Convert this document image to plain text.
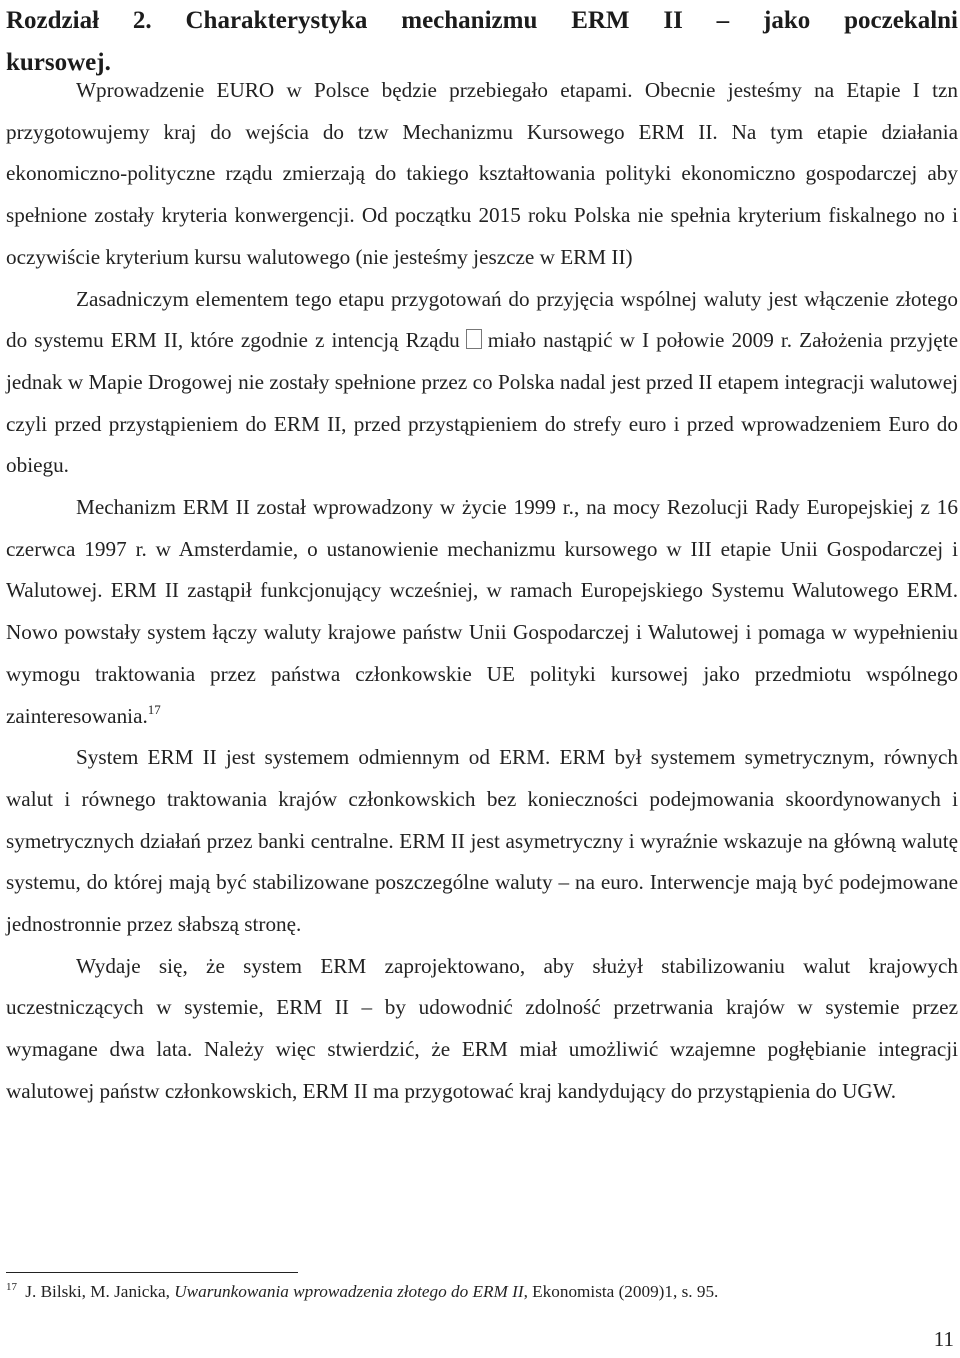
Rozdział 2. Charakterystyka mechanizmu ERM II – jako poczekalni
kursowej.

Wprowadzenie EURO w Polsce będzie przebiegało etapami. Obecnie jesteśmy na Etapie I tzn przygotowujemy kraj do wejścia do tzw Mechanizmu Kursowego ERM II. Na tym etapie działania ekonomiczno-polityczne rządu zmierzają do takiego kształtowania polityki ekonomiczno gospodarczej aby spełnione zostały kryteria konwergencji. Od początku 2015 roku Polska nie spełnia kryterium fiskalnego no i oczywiście kryterium kursu walutowego (nie jesteśmy jeszcze w ERM II)

Zasadniczym elementem tego etapu przygotowań do przyjęcia wspólnej waluty jest włączenie złotego do systemu ERM II, które zgodnie z intencją Rządu miało nastąpić w I połowie 2009 r. Założenia przyjęte jednak w Mapie Drogowej nie zostały spełnione przez co Polska nadal jest przed II etapem integracji walutowej czyli przed przystąpieniem do ERM II, przed przystąpieniem do strefy euro i przed wprowadzeniem Euro do obiegu.

Mechanizm ERM II został wprowadzony w życie 1999 r., na mocy Rezolucji Rady Europejskiej z 16 czerwca 1997 r. w Amsterdamie, o ustanowienie mechanizmu kursowego w III etapie Unii Gospodarczej i Walutowej. ERM II zastąpił funkcjonujący wcześniej, w ramach Europejskiego Systemu Walutowego ERM. Nowo powstały system łączy waluty krajowe państw Unii Gospodarczej i Walutowej i pomaga w wypełnieniu wymogu traktowania przez państwa członkowskie UE polityki kursowej jako przedmiotu wspólnego zainteresowania.$^{17}$

System ERM II jest systemem odmiennym od ERM. ERM był systemem symetrycznym, równych walut i równego traktowania krajów członkowskich bez konieczności podejmowania skoordynowanych i symetrycznych działań przez banki centralne. ERM II jest asymetryczny i wyraźnie wskazuje na główną walutę systemu, do której mają być stabilizowane poszczególne waluty – na euro. Interwencje mają być podejmowane jednostronnie przez słabszą stronę.

Wydaje się, że system ERM zaprojektowano, aby służył stabilizowaniu walut krajowych uczestniczących w systemie, ERM II – by udowodnić zdolność przetrwania krajów w systemie przez wymagane dwa lata. Należy więc stwierdzić, że ERM miał umożliwić wzajemne pogłębianie integracji walutowej państw członkowskich, ERM II ma przygotować kraj kandydujący do przystąpienia do UGW.

$^{17}$ J. Bilski, M. Janicka, Uwarunkowania wprowadzenia złotego do ERM II, Ekonomista (2009)1, s. 95.
11
